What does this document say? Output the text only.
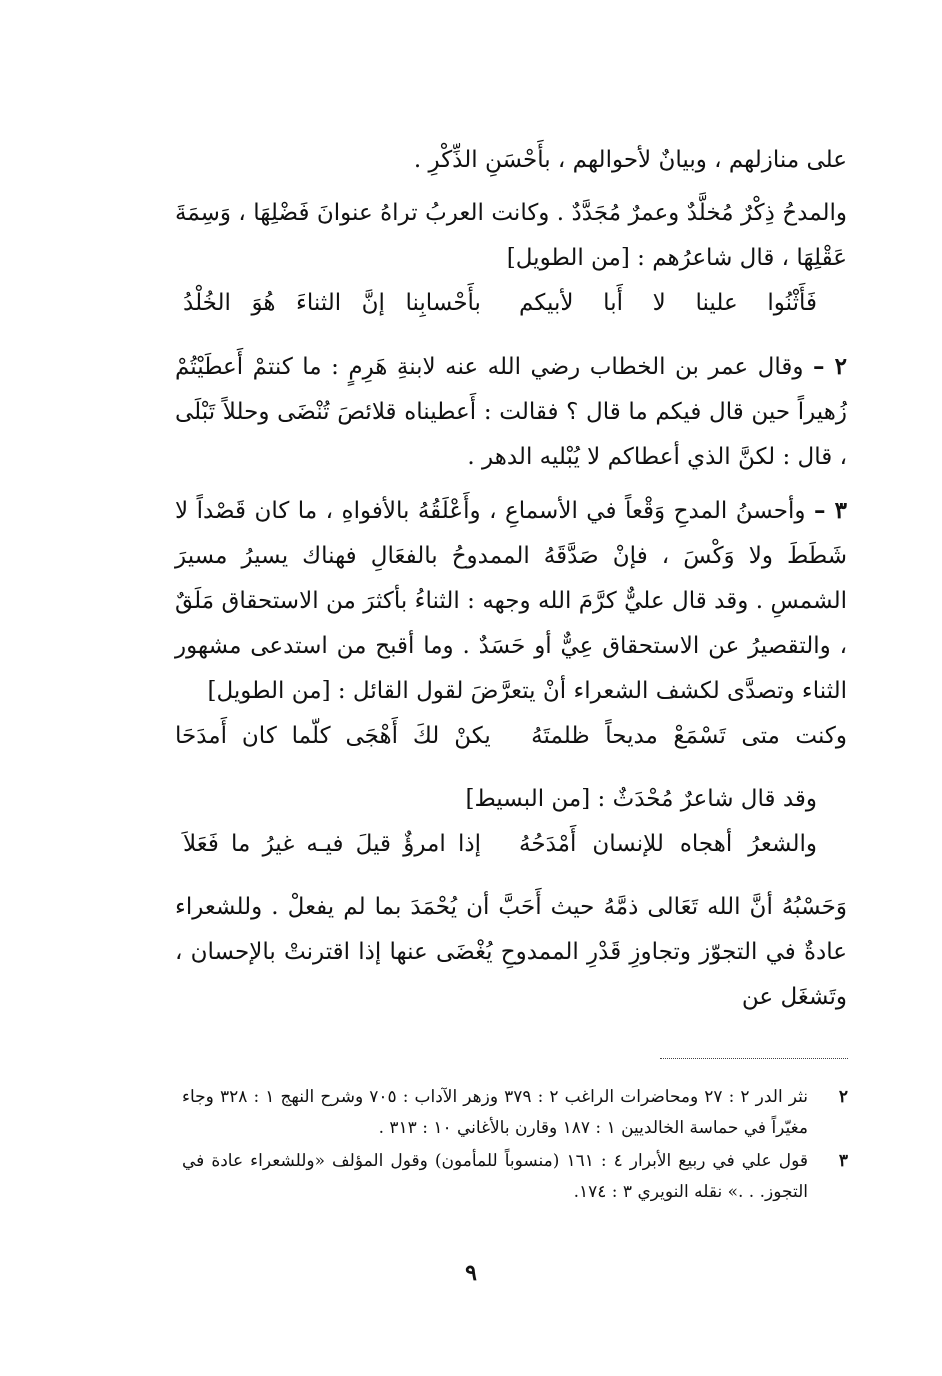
على منازلهم ، وبيانٌ لأحوالهم ، بأَحْسَنِ الذِّكْرِ .

والمدحُ ذِكْرٌ مُخلَّدٌ وعمرٌ مُجَدَّدٌ . وكانت العربُ تراهُ عنوانَ فَضْلِهَا ، وَسِمَةَ عَقْلِهَا ، قال شاعرُهم : [من الطويل]

فَأَثْنُوا علينا لا أَبا لأبيكم
بأَحْسابِنا إنَّ الثناءَ هُوَ الخُلْدُ

٢ – وقال عمر بن الخطاب رضي الله عنه لابنةِ هَرِمٍ : ما كنتمْ أَعطَيْتُمْ زُهيراً حين قال فيكم ما قال ؟ فقالت : أَعطيناه قلائصَ تُنْضَى وحللاً تَبْلَى ، قال : لكنَّ الذي أعطاكم لا يُبْليه الدهر .

٣ – وأحسنُ المدحِ وَقْعاً في الأسماعِ ، وأَعْلَقُهُ بالأفواهِ ، ما كان قَصْداً لا شَطَطَ ولا وَكْسَ ، فإنْ صَدَّقَهُ الممدوحُ بالفعَالِ فهناك يسيرُ مسيرَ الشمسِ . وقد قال عليٌّ كرَّمَ الله وجهه : الثناءُ بأكثرَ من الاستحقاق مَلَقٌ ، والتقصيرُ عن الاستحقاق عِيٌّ أو حَسَدٌ . وما أقبح من استدعى مشهور الثناء وتصدَّى لكشف الشعراء أنْ يتعرَّضَ لقول القائل : [من الطويل]

وكنت متى تَسْمَعْ مديحاً ظلمتَهُ
يكنْ لكَ أَهْجَى كلّما كان أَمدَحَا

وقد قال شاعرٌ مُحْدَثٌ : [من البسيط]

والشعرُ أهجاه للإنسان أَمْدَحُهُ
إذا امرؤٌ قيلَ فيـه غيرُ ما فَعَلاَ

وَحَسْبُهُ أنَّ الله تَعَالى ذمَّهُ حيث أَحَبَّ أن يُحْمَدَ بما لم يفعلْ . وللشعراء عادةٌ في التجوّز وتجاوزِ قَدْرِ الممدوحِ يُغْضَى عنها إذا اقترنتْ بالإحسان ، وتَشغَل عن

٢
نثر الدر ٢ : ٢٧ ومحاضرات الراغب ٢ : ٣٧٩ وزهر الآداب : ٧٠٥ وشرح النهج ١ : ٣٢٨ وجاء مغيّراً في حماسة الخالديين ١ : ١٨٧ وقارن بالأغاني ١٠ : ٣١٣ .
٣
قول علي في ربيع الأبرار ٤ : ١٦١ (منسوباً للمأمون) وقول المؤلف «وللشعراء عادة في التجوز. . .» نقله النويري ٣ : ١٧٤.
٩
